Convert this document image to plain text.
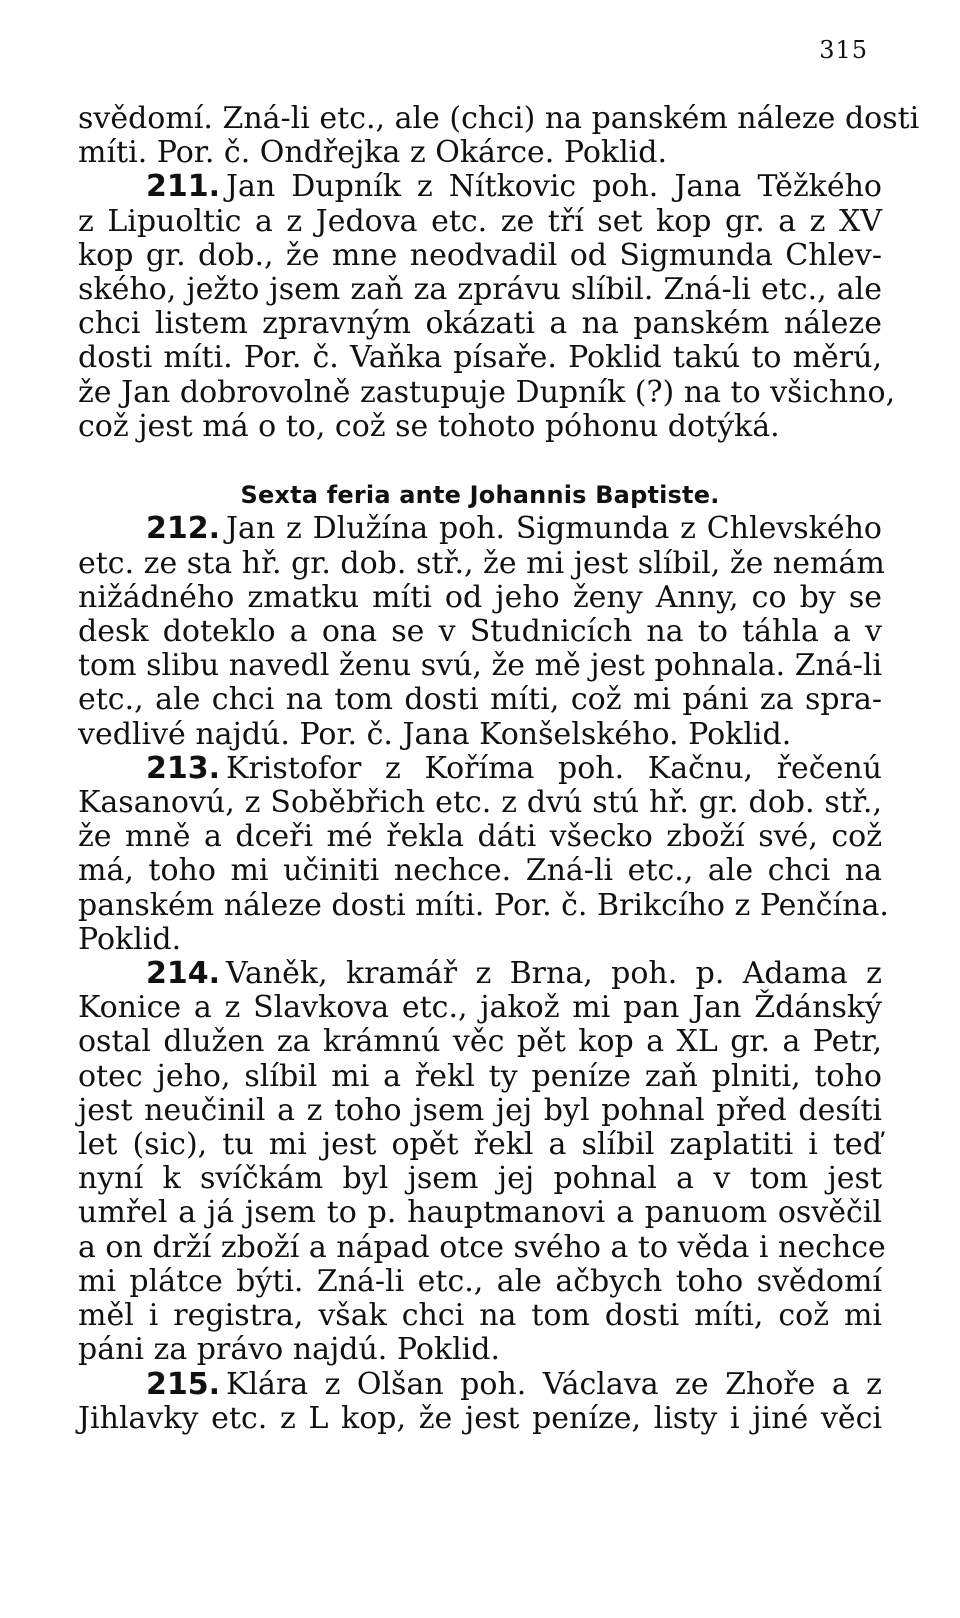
315
svědomí. Zná-li etc., ale (chci) na panském náleze dosti
míti. Por. č. Ondřejka z Okárce. Poklid.
211. Jan Dupník z Nítkovic poh. Jana Těžkého
z Lipuoltic a z Jedova etc. ze tří set kop gr. a z XV
kop gr. dob., že mne neodvadil od Sigmunda Chlev-
ského, ježto jsem zaň za zprávu slíbil. Zná-li etc., ale
chci listem zpravným okázati a na panském náleze
dosti míti. Por. č. Vaňka písaře. Poklid takú to měrú,
že Jan dobrovolně zastupuje Dupník (?) na to všichno,
což jest má o to, což se tohoto póhonu dotýká.
Sexta feria ante Johannis Baptiste.
212. Jan z Dlužína poh. Sigmunda z Chlevského
etc. ze sta hř. gr. dob. stř., že mi jest slíbil, že nemám
nižádného zmatku míti od jeho ženy Anny, co by se
desk doteklo a ona se v Studnicích na to táhla a v
tom slibu navedl ženu svú, že mě jest pohnala. Zná-li
etc., ale chci na tom dosti míti, což mi páni za spra-
vedlivé najdú. Por. č. Jana Konšelského. Poklid.
213. Kristofor z Kořímа poh. Kačnu, řečenú
Kasanovú, z Soběbřich etc. z dvú stú hř. gr. dob. stř.,
že mně a dceři mé řekla dáti všecko zboží své, což
má, toho mi učiniti nechce. Zná-li etc., ale chci na
panském náleze dosti míti. Por. č. Brikcího z Penčína.
Poklid.
214. Vaněk, kramář z Brna, poh. p. Adama z
Konice a z Slavkova etc., jakož mi pan Jan Ždánský
ostal dlužen za krámnú věc pět kop a XL gr. a Petr,
otec jeho, slíbil mi a řekl ty peníze zaň plniti, toho
jest neučinil a z toho jsem jej byl pohnal před desíti
let (sic), tu mi jest opět řekl a slíbil zaplatiti i teď
nyní k svíčkám byl jsem jej pohnal a v tom jest
umřel a já jsem to p. hauptmanovi a panuom osvěčil
a on drží zboží a nápad otce svého a to věda i nechce
mi plátce býti. Zná-li etc., ale ačbych toho svědomí
měl i registra, však chci na tom dosti míti, což mi
páni za právo najdú. Poklid.
215. Klára z Olšan poh. Václava ze Zhoře a z
Jihlavky etc. z L kop, že jest peníze, listy i jiné věci
